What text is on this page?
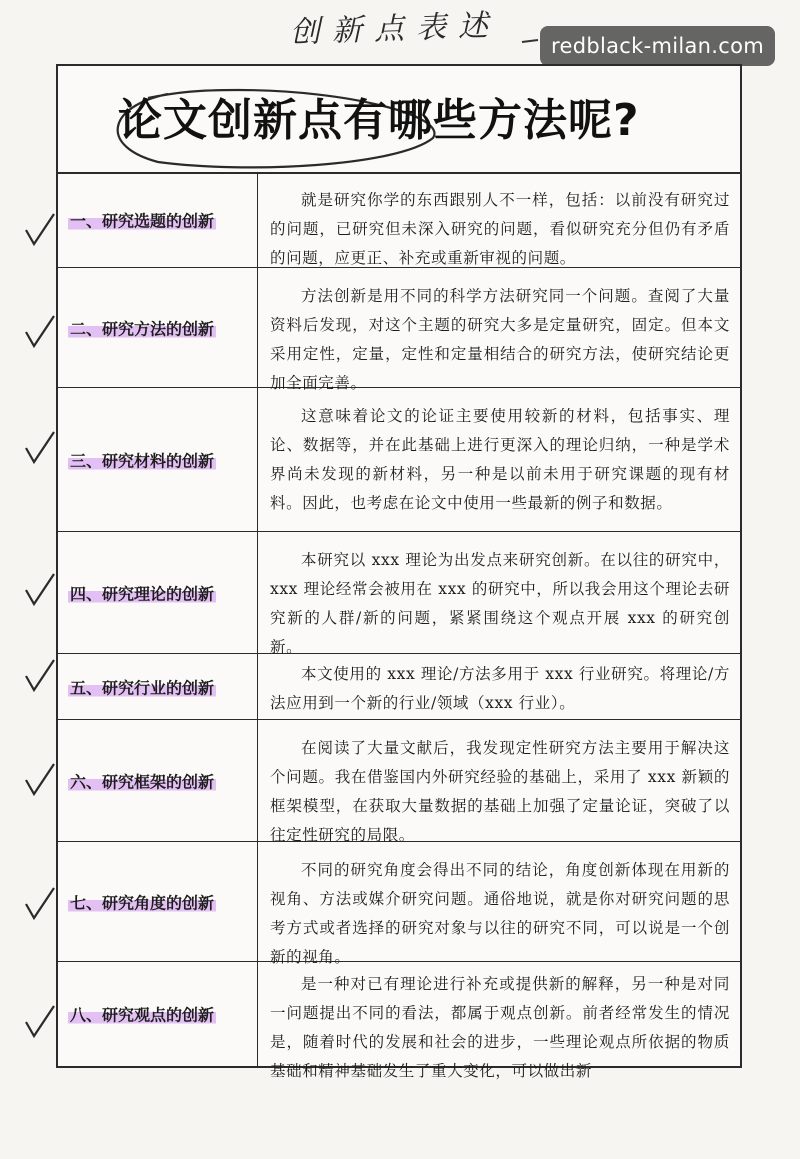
创新点表述	redblack-milan.com
论文创新点有哪些方法呢?
一、研究选题的创新
就是研究你学的东西跟别人不一样，包括：以前没有研究过的问题，已研究但未深入研究的问题，看似研究充分但仍有矛盾的问题，应更正、补充或重新审视的问题。
二、研究方法的创新
方法创新是用不同的科学方法研究同一个问题。查阅了大量资料后发现，对这个主题的研究大多是定量研究，固定。但本文采用定性，定量，定性和定量相结合的研究方法，使研究结论更加全面完善。
三、研究材料的创新
这意味着论文的论证主要使用较新的材料，包括事实、理论、数据等，并在此基础上进行更深入的理论归纳，一种是学术界尚未发现的新材料，另一种是以前未用于研究课题的现有材料。因此，也考虑在论文中使用一些最新的例子和数据。
四、研究理论的创新
本研究以 xxx 理论为出发点来研究创新。在以往的研究中，xxx 理论经常会被用在 xxx 的研究中，所以我会用这个理论去研究新的人群/新的问题，紧紧围绕这个观点开展 xxx 的研究创新。
五、研究行业的创新
本文使用的 xxx 理论/方法多用于 xxx 行业研究。将理论/方法应用到一个新的行业/领域（xxx 行业）。
六、研究框架的创新
在阅读了大量文献后，我发现定性研究方法主要用于解决这个问题。我在借鉴国内外研究经验的基础上，采用了 xxx 新颖的框架模型，在获取大量数据的基础上加强了定量论证，突破了以往定性研究的局限。
七、研究角度的创新
不同的研究角度会得出不同的结论，角度创新体现在用新的视角、方法或媒介研究问题。通俗地说，就是你对研究问题的思考方式或者选择的研究对象与以往的研究不同，可以说是一个创新的视角。
八、研究观点的创新
是一种对已有理论进行补充或提供新的解释，另一种是对同一问题提出不同的看法，都属于观点创新。前者经常发生的情况是，随着时代的发展和社会的进步，一些理论观点所依据的物质基础和精神基础发生了重大变化，可以做出新
